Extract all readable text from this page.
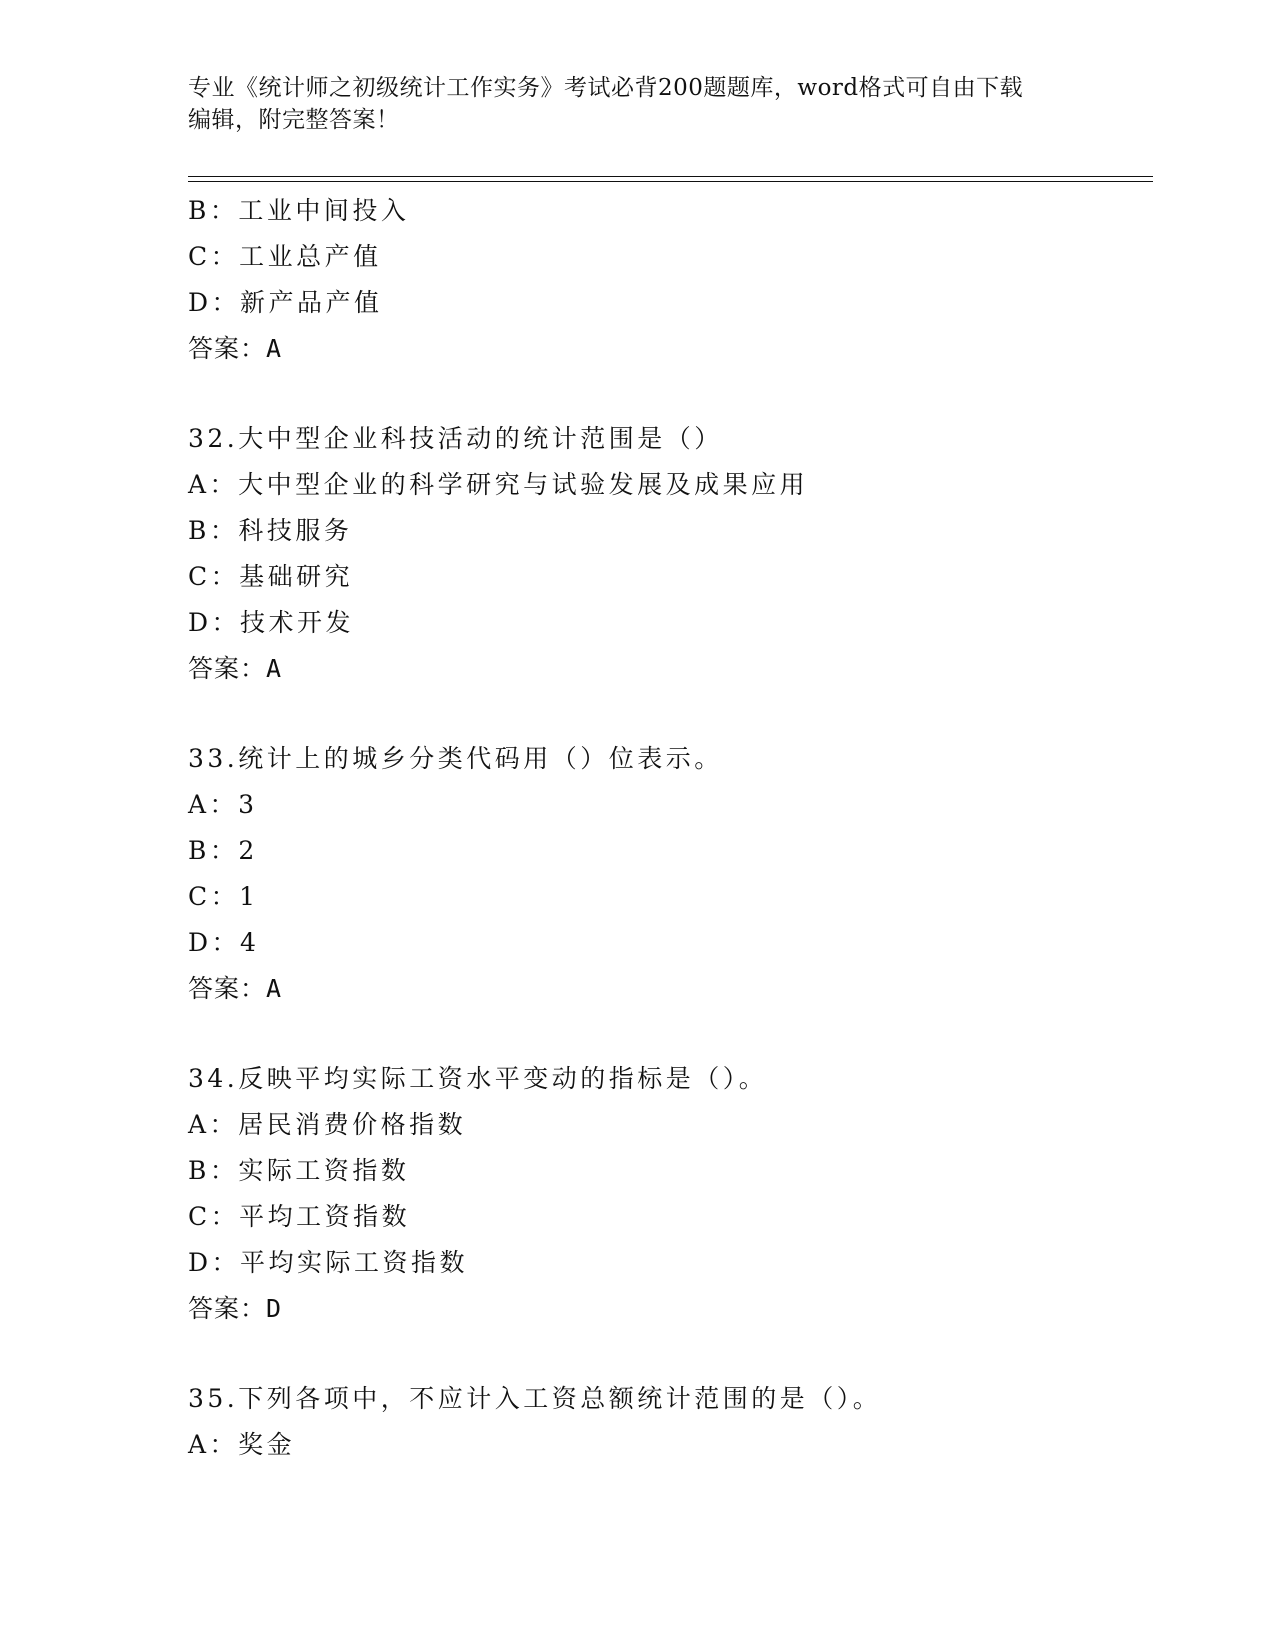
专业《统计师之初级统计工作实务》考试必背200题题库，word格式可自由下载
编辑，附完整答案！
B：工业中间投入
C：工业总产值
D：新产品产值
答案：A
32.大中型企业科技活动的统计范围是（）
A：大中型企业的科学研究与试验发展及成果应用
B：科技服务
C：基础研究
D：技术开发
答案：A
33.统计上的城乡分类代码用（）位表示。
A：3
B：2
C：1
D：4
答案：A
34.反映平均实际工资水平变动的指标是（）。
A：居民消费价格指数
B：实际工资指数
C：平均工资指数
D：平均实际工资指数
答案：D
35.下列各项中，不应计入工资总额统计范围的是（）。
A：奖金
